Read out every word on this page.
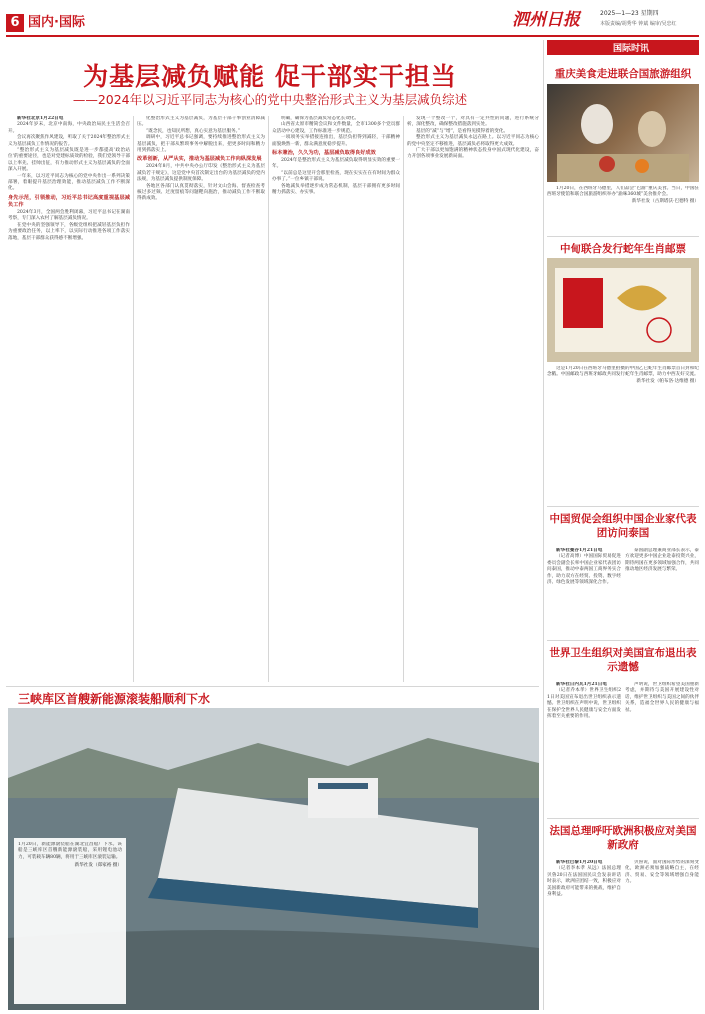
6 国内·国际	泗州日报	2025—1—23 星期四
本版责编/胡秀华 钟斌 编审/吴忠红
为基层减负赋能 促干部实干担当
——2024年以习近平同志为核心的党中央整治形式主义为基层减负综述

新华社北京1月22日电

2024年岁末，北京中南海，中央政治局民主生活会召开。

会议再次聚焦作风建设，听取了关于2024年整治形式主义为基层减负工作情况的报告。

“整治形式主义为基层减负既是进一步都提高'政治站位'的重要途径，也是对党建标质效的检验，我们党领导干部以上率先、挂帅出征，有力推动形式主义为基层减负的全面深入开展。

一年来，以习近平同志为核心的党中央作出一系列决策部署，着眼提升基层治理效能，推动基层减负工作不断深化。

身先示范，引领推动，习近平总书记高度重视基层减负工作

2024年3月，全国两会胜利闭幕，习近平总书记在湖南考察，专门深入农村了解基层减负情况。

在党中央的坚强领导下，各级党组织把减轻基层负担作为重要政治任务，以上率下，以实际行动推进各项工作落实落地，基层干部群众获得感不断增强。

化整治形式主义为基层减负，为基层干部干事创业清障减压。

“既念民，也知民所想，真心实意为基层服务。”

调研中，习近平总书记强调，要持续推进整治形式主义为基层减负，把干部从繁琐事务中解脱出来，把更多时间和精力用到抓落实上。

改革创新，从严从实，推动为基层减负工作向纵深发展

2024年8月，中共中央办公厅印发《整治形式主义为基层减负若干规定》，这是党中央首次制定出台的为基层减负的党内法规，为基层减负提供制度保障。

各地区各部门认真贯彻落实，针对文山会海、督查检查考核过多过频、过度留痕等问题靶向施治，推动减负工作不断取得新成效。

明确，确保为基层减负常态化长效化。

山西省太原市精简会议和文件数量，全市1300多个党员群众活动中心建设，工作标准进一步规范。

一项项务实举措接连推出，基层负担得到减轻，干部精神面貌焕然一新，群众满意度稳步提升。

标本兼治，久久为功，基层减负取得良好成效

2024年是整治形式主义为基层减负取得明显实效的重要一年。

“以前总是这里开会那里检查，现在实实在在有时间为群众办事了。”一位乡镇干部说。

各地减负举措逐步成为常态机制，基层干部拥有更多时间精力抓落实、办实事。

发现一个整改一个，对具有一定共性的问题，进行系统分析，深化整改，确保整改措施落到实处。

基层的“减”与“增”，是看得见摸得着的变化。

整治形式主义为基层减负永远在路上。以习近平同志为核心的党中央坚定不移推进，基层减负必将取得更大成效。

广大干部以更加饱满的精神状态投身中国式现代化建设，奋力开创各项事业发展新局面。

三峡库区首艘新能源滚装船顺利下水
1月20日，新能源滚装船在湖北宜昌船厂下水。该船是三峡库区首艘新能源滚装船，采用锂电池动力，可装载车辆80辆，将用于三峡库区滚装运输。
新华社发（郑家裕 摄）
国际时讯
重庆美食走进联合国旅游组织

1月20日，在西班牙马德里，人们品尝“巴渝”重庆美食。当日，中国驻西班牙使馆和联合国旅游组织举办“渝味360城”美食推介会。

新华社发（古斯塔沃·巴德特 摄）
中甸联合发行蛇年生肖邮票

这是1月20日在西班牙马德里拍摄的中国乙巳蛇年生肖邮票首日封和纪念戳。中国邮政与西班牙邮政共同发行蛇年生肖邮票，助力中西友好交流。

新华社发（帕布洛·达维德 摄）
中国贸促会组织中国企业家代表团访问泰国

新华社曼谷1月21日电

（记者高博）中国国际贸易促进委员会副会长率中国企业家代表团访问泰国，推动中泰两国工商界务实合作，助力双方在经贸、投资、数字经济、绿色发展等领域深化合作。

泰国副总理兼商业部长表示，泰方欢迎更多中国企业赴泰投资兴业，期待两国在更多领域加强合作，共同推动地区经济发展与繁荣。

世界卫生组织对美国宣布退出表示遗憾

新华社日内瓦1月21日电

（记者乔本孝）世界卫生组织21日对美国宣布退出世卫组织表示遗憾。世卫组织在声明中说，世卫组织在保护全世界人民健康与安全方面发挥着至关重要的作用。

声明说，世卫组织希望美国重新考虑，并期待与美国开展建设性对话，维护世卫组织与美国之间的伙伴关系，造福全世界人民的健康与福祉。

法国总理呼吁欧洲积极应对美国新政府

新华社巴黎1月20日电

（记者李本孝 从远）法国总理贝鲁20日在法国国民议会发表讲话时表示，欧洲应团结一致，积极应对美国新政府可能带来的挑战，维护自身利益。

贝鲁说，面对国际形势的深刻变化，欧洲必须加强战略自主，在经济、贸易、安全等领域增强自身能力。
